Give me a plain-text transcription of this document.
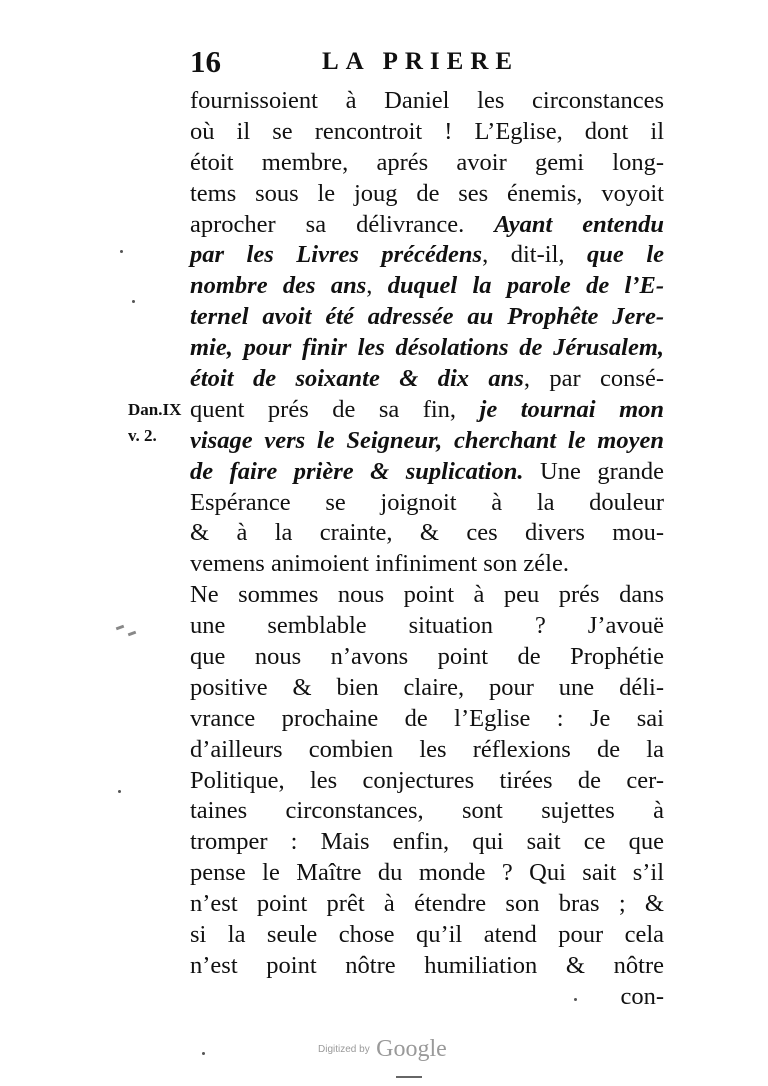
16	LA PRIERE
Dan.IX
v. 2.
fournissoient à Daniel les circonstances
où il se rencontroit ! L’Eglise, dont il
étoit membre, aprés avoir gemi long-
tems sous le joug de ses énemis, voyoit
aprocher sa délivrance. Ayant entendu
par les Livres précédens, dit-il, que le
nombre des ans, duquel la parole de l’E-
ternel avoit été adressée au Prophête Jere-
mie, pour finir les désolations de Jérusalem,
étoit de soixante & dix ans, par consé-
quent prés de sa fin, je tournai mon
visage vers le Seigneur, cherchant le moyen
de faire prière & suplication. Une grande
Espérance se joignoit à la douleur
& à la crainte, & ces divers mou-
vemens animoient infiniment son zéle.
Ne sommes nous point à peu prés dans
une semblable situation ? J’avouë
que nous n’avons point de Prophétie
positive & bien claire, pour une déli-
vrance prochaine de l’Eglise : Je sai
d’ailleurs combien les réflexions de la
Politique, les conjectures tirées de cer-
taines circonstances, sont sujettes à
tromper : Mais enfin, qui sait ce que
pense le Maître du monde ? Qui sait s’il
n’est point prêt à étendre son bras ; &
si la seule chose qu’il atend pour cela
n’est point nôtre humiliation & nôtre
con-
Digitized by Google
